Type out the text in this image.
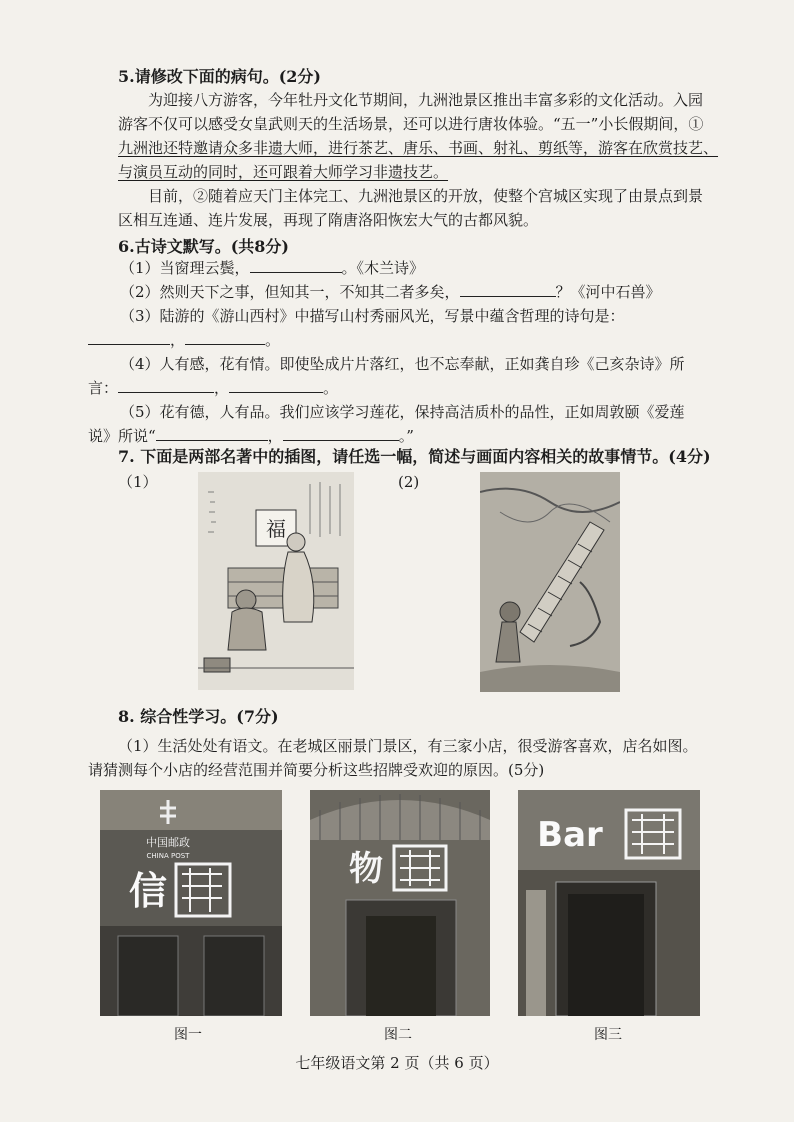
5.请修改下面的病句。(2分)
为迎接八方游客，今年牡丹文化节期间，九洲池景区推出丰富多彩的文化活动。入园
游客不仅可以感受女皇武则天的生活场景，还可以进行唐妆体验。“五一”小长假期间，①
九洲池还特邀请众多非遗大师，进行茶艺、唐乐、书画、射礼、剪纸等，游客在欣赏技艺、
与演员互动的同时，还可跟着大师学习非遗技艺。
目前，②随着应天门主体完工、九洲池景区的开放，使整个宫城区实现了由景点到景
区相互连通、连片发展，再现了隋唐洛阳恢宏大气的古都风貌。
6.古诗文默写。(共8分)
（1）当窗理云鬓，	。《木兰诗》
（2）然则天下之事，但知其一，不知其二者多矣，	？《河中石兽》
（3）陆游的《游山西村》中描写山村秀丽风光，写景中蕴含哲理的诗句是：
，	。
（4）人有感，花有情。即使坠成片片落红，也不忘奉献，正如龚自珍《己亥杂诗》所
言：	，	。
（5）花有德，人有品。我们应该学习莲花，保持高洁质朴的品性，正如周敦颐《爱莲
说》所说“	，	。”
7. 下面是两部名著中的插图，请任选一幅，简述与画面内容相关的故事情节。(4分)
（1）	(2)
福
8. 综合性学习。(7分)
（1）生活处处有语文。在老城区丽景门景区，有三家小店，很受游客喜欢，店名如图。
请猜测每个小店的经营范围并简要分析这些招牌受欢迎的原因。(5分)
中国邮政
CHINA POST
信	物
Bar
图一	图二	图三
七年级语文第 2 页（共 6 页）
